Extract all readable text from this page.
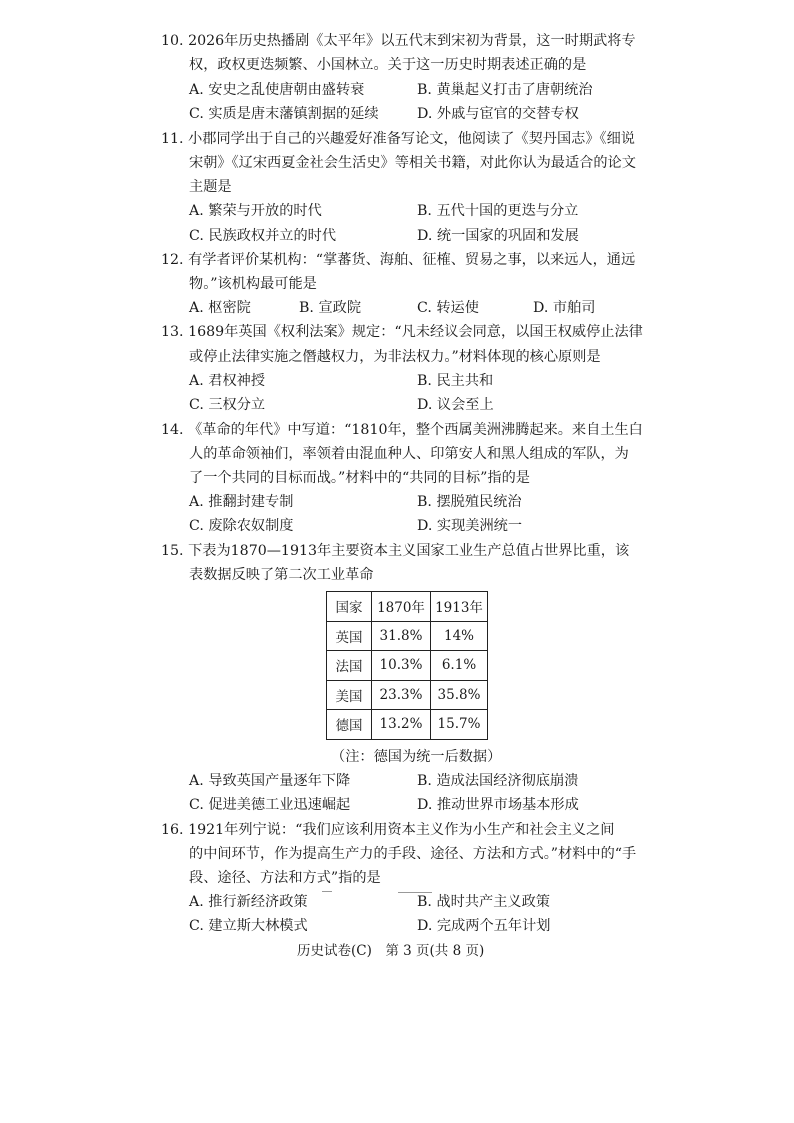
10. 2026年历史热播剧《太平年》以五代末到宋初为背景，这一时期武将专
权，政权更迭频繁、小国林立。关于这一历史时期表述正确的是
A. 安史之乱使唐朝由盛转衰	B. 黄巢起义打击了唐朝统治
C. 实质是唐末藩镇割据的延续	D. 外戚与宦官的交替专权
11. 小郡同学出于自己的兴趣爱好准备写论文，他阅读了《契丹国志》《细说
宋朝》《辽宋西夏金社会生活史》等相关书籍，对此你认为最适合的论文
主题是
A. 繁荣与开放的时代	B. 五代十国的更迭与分立
C. 民族政权并立的时代	D. 统一国家的巩固和发展
12. 有学者评价某机构：“掌蕃货、海舶、征榷、贸易之事，以来远人，通远
物。”该机构最可能是
A. 枢密院	B. 宣政院	C. 转运使	D. 市舶司
13. 1689年英国《权利法案》规定：“凡未经议会同意，以国王权威停止法律
或停止法律实施之僭越权力，为非法权力。”材料体现的核心原则是
A. 君权神授	B. 民主共和
C. 三权分立	D. 议会至上
14. 《革命的年代》中写道：“1810年，整个西属美洲沸腾起来。来自土生白
人的革命领袖们，率领着由混血种人、印第安人和黑人组成的军队，为
了一个共同的目标而战。”材料中的“共同的目标”指的是
A. 推翻封建专制	B. 摆脱殖民统治
C. 废除农奴制度	D. 实现美洲统一
15. 下表为1870—1913年主要资本主义国家工业生产总值占世界比重，该
表数据反映了第二次工业革命
国家	1870年	1913年
英国	31.8%	14%
法国	10.3%	6.1%
美国	23.3%	35.8%
德国	13.2%	15.7%
（注：德国为统一后数据）
A. 导致英国产量逐年下降	B. 造成法国经济彻底崩溃
C. 促进美德工业迅速崛起	D. 推动世界市场基本形成
16. 1921年列宁说：“我们应该利用资本主义作为小生产和社会主义之间
的中间环节，作为提高生产力的手段、途径、方法和方式。”材料中的“手
段、途径、方法和方式”指的是
A. 推行新经济政策	B. 战时共产主义政策
C. 建立斯大林模式	D. 完成两个五年计划
历史试卷(C)　第 3 页(共 8 页)
